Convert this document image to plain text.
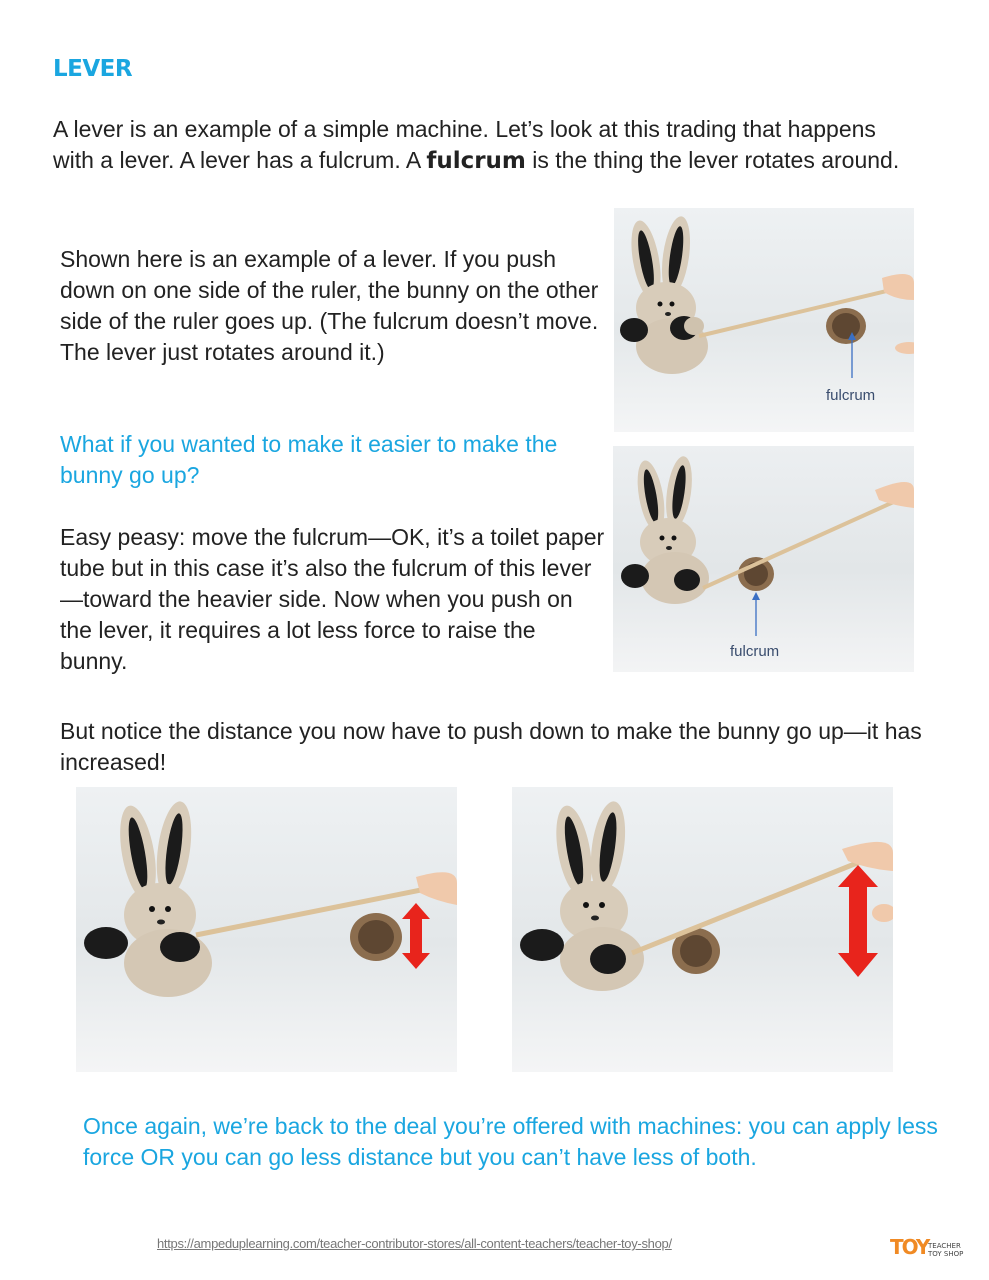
LEVER
A lever is an example of a simple machine. Let’s look at this trading that happens with a lever. A lever has a fulcrum. A fulcrum is the thing the lever rotates around.
Shown here is an example of a lever. If you push down on one side of the ruler, the bunny on the other side of the ruler goes up. (The fulcrum doesn’t move. The lever just rotates around it.)
What if you wanted to make it easier to make the bunny go up?
Easy peasy: move the fulcrum—OK, it’s a toilet paper tube but in this case it’s also the fulcrum of this lever—toward the heavier side. Now when you push on the lever, it requires a lot less force to raise the bunny.
But notice the distance you now have to push down to make the bunny go up—it has increased!
fulcrum
fulcrum
Once again, we’re back to the deal you’re offered with machines: you can apply less force OR you can go less distance but you can’t have less of both.
https://ampeduplearning.com/teacher-contributor-stores/all-content-teachers/teacher-toy-shop/	TOY TEACHER
TOY SHOP
